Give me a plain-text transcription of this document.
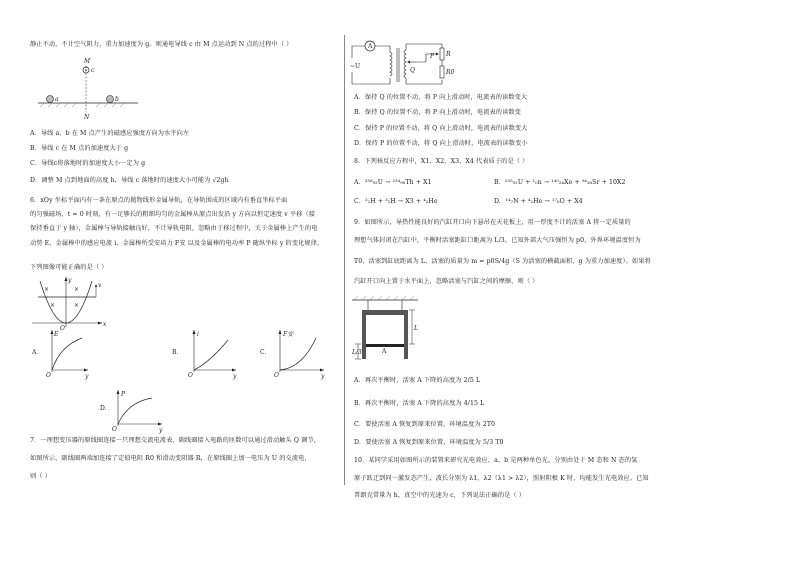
静止不动，不计空气阻力，重力加速度为 g。则通电导线 c 由 M 点运动到 N 点的过程中（ ）
M
c
a	b
N
A．导线 a、b 在 M 点产生的磁感应强度方向为水平向左
B．导线 c 在 M 点的加速度大于 g
C．导线c将落地时的加速度大小一定为 g
D．调整 M 点到地面的高度 h，导线 c 落地时的速度大小可能为 √2gh
6．xOy 坐标平面内有一条在原点的抛物线形金属导轨，在导轨围成的区域内有垂直坐标平面
的匀强磁场，t = 0 时刻，有一足够长的粗细均匀的金属棒从原点出发沿 y 方向以恒定速度 v 平移（接
保持垂直于 y 轴），金属棒与导轨接触良好，不计导轨电阻，忽略由于移过程中，关于金属棒上产生的电
动势 E、金属棒中的感应电流 i、金属棒所受安培力 F安 以及金属棒的电功率 P 随纵坐标 y 的变化规律，
下列图像可能正确的是（ ）
×	×
×	×
y
v
x
O
A．
E
O	y
B．
i
O	y
C．
F安
O	y
D．
P
O	y
7．一理想变压器的原线圈连接一只理想交流电流表，副线圈接入电路的匝数可以通过滑动触头 Q 调节，
如图所示，副线圈两端加连接了定值电阻 R0 和滑动变阻器 R，在原线圈上加一电压为 U 的交流电，
则（ ）
A
~U
Q
P R
R0
A．保持 Q 的位置不动，将 P 向上滑动时，电流表的读数变大
B．保持 Q 的位置不动，将 P 向上滑动时，电流表的读数变
C．保持 P 的位置不动，将 Q 向上滑动时，电流表的读数变大
D．保持 P 的位置不动，将 Q 向上滑动时，电流表的读数变小
8．下列核反应方程中，X1、X2、X3、X4 代表质子的是（ ）
A．²³⁸₉₂U → ²³⁴₉₀Th + X1	B．²³⁵₉₂U + ¹₀n → ¹⁴⁰₅₄Xe + ⁹⁴₃₈Sr + 10X2
C．²₁H + ³₁H → X3 + ⁴₂He	D．¹⁴₇N + ⁴₂He → ¹⁷₈O + X4
9．如图所示，导热性能良好的汽缸开口向下悬吊在天花板上，用一厚度不计的活塞 A 将一定质量的
理想气体封闭在汽缸中，平衡时活塞距缸口距离为 L/3，已知外部大气压强恒为 p0，外界环境温度恒为
T0，活塞到缸底距离为 L，活塞的质量为 m = p0S/4g（S 为活塞的横截面积，g 为重力加速度）。如果将
汽缸开口向上置于水平面上，忽略活塞与汽缸之间的摩擦，则（ ）
A
L
L/3
A．再次平衡时，活塞 A 下降的高度为 2/5 L
B．再次平衡时，活塞 A 下降的高度为 4/15 L
C．要使活塞 A 恢复到原来位置，环境温度为 2T0
D．要使活塞 A 恢复到原来位置，环境温度为 5/3 T0
10．某同学采用如图所示的装置来研究光电效应，a、b 是两种单色光，分别由处于 M 态和 N 态的氢
原子跃迁到同一激发态产生，波长分别为 λ1、λ2（λ1 > λ2），照射阴极 K 时，均能发生光电效应。已知
普朗克常量为 h，真空中的光速为 c，下列说法正确的是（ ）
